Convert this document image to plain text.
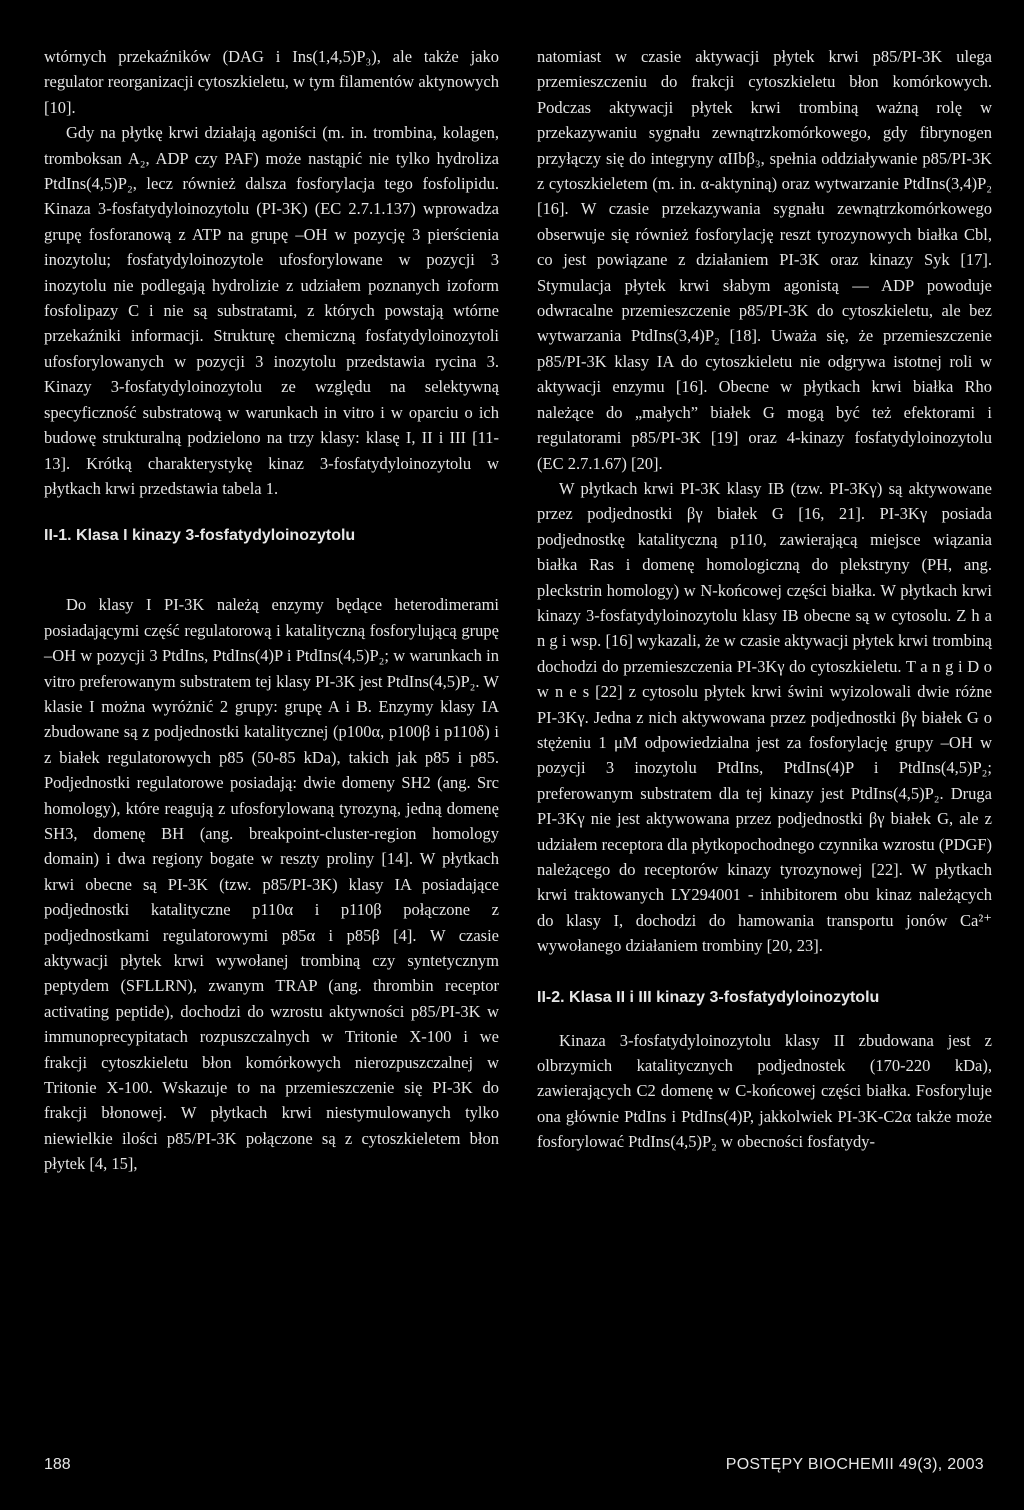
wtórnych przekaźników (DAG i Ins(1,4,5)P₃), ale także jako regulator reorganizacji cytoszkieletu, w tym filamentów aktynowych [10].

Gdy na płytkę krwi działają agoniści (m. in. trombina, kolagen, tromboksan A₂, ADP czy PAF) może nastąpić nie tylko hydroliza PtdIns(4,5)P₂, lecz również dalsza fosforylacja tego fosfolipidu. Kinaza 3-fosfatydyloinozytolu (PI-3K) (EC 2.7.1.137) wprowadza grupę fosforanową z ATP na grupę –OH w pozycję 3 pierścienia inozytolu; fosfatydyloinozytole ufosforylowane w pozycji 3 inozytolu nie podlegają hydrolizie z udziałem poznanych izoform fosfolipazy C i nie są substratami, z których powstają wtórne przekaźniki informacji. Strukturę chemiczną fosfatydyloinozytoli ufosforylowanych w pozycji 3 inozytolu przedstawia rycina 3. Kinazy 3-fosfatydyloinozytolu ze względu na selektywną specyficzność substratową w warunkach in vitro i w oparciu o ich budowę strukturalną podzielono na trzy klasy: klasę I, II i III [11-13]. Krótką charakterystykę kinaz 3-fosfatydyloinozytolu w płytkach krwi przedstawia tabela 1.

II-1. Klasa I kinazy 3-fosfatydyloinozytolu

Do klasy I PI-3K należą enzymy będące heterodimerami posiadającymi część regulatorową i katalityczną fosforylującą grupę –OH w pozycji 3 PtdIns, PtdIns(4)P i PtdIns(4,5)P₂; w warunkach in vitro preferowanym substratem tej klasy PI-3K jest PtdIns(4,5)P₂. W klasie I można wyróżnić 2 grupy: grupę A i B. Enzymy klasy IA zbudowane są z podjednostki katalitycznej (p100α, p100β i p110δ) i z białek regulatorowych p85 (50-85 kDa), takich jak p85 i p85. Podjednostki regulatorowe posiadają: dwie domeny SH2 (ang. Src homology), które reagują z ufosforylowaną tyrozyną, jedną domenę SH3, domenę BH (ang. breakpoint-cluster-region homology domain) i dwa regiony bogate w reszty proliny [14]. W płytkach krwi obecne są PI-3K (tzw. p85/PI-3K) klasy IA posiadające podjednostki katalityczne p110α i p110β połączone z podjednostkami regulatorowymi p85α i p85β [4]. W czasie aktywacji płytek krwi wywołanej trombiną czy syntetycznym peptydem (SFLLRN), zwanym TRAP (ang. thrombin receptor activating peptide), dochodzi do wzrostu aktywności p85/PI-3K w immunoprecypitatach rozpuszczalnych w Tritonie X-100 i we frakcji cytoszkieletu błon komórkowych nierozpuszczalnej w Tritonie X-100. Wskazuje to na przemieszczenie się PI-3K do frakcji błonowej. W płytkach krwi niestymulowanych tylko niewielkie ilości p85/PI-3K połączone są z cytoszkieletem błon płytek [4, 15],

natomiast w czasie aktywacji płytek krwi p85/PI-3K ulega przemieszczeniu do frakcji cytoszkieletu błon komórkowych. Podczas aktywacji płytek krwi trombiną ważną rolę w przekazywaniu sygnału zewnątrzkomórkowego, gdy fibrynogen przyłączy się do integryny αIIbβ₃, spełnia oddziaływanie p85/PI-3K z cytoszkieletem (m. in. α-aktyniną) oraz wytwarzanie PtdIns(3,4)P₂ [16]. W czasie przekazywania sygnału zewnątrzkomórkowego obserwuje się również fosforylację reszt tyrozynowych białka Cbl, co jest powiązane z działaniem PI-3K oraz kinazy Syk [17]. Stymulacja płytek krwi słabym agonistą — ADP powoduje odwracalne przemieszczenie p85/PI-3K do cytoszkieletu, ale bez wytwarzania PtdIns(3,4)P₂ [18]. Uważa się, że przemieszczenie p85/PI-3K klasy IA do cytoszkieletu nie odgrywa istotnej roli w aktywacji enzymu [16]. Obecne w płytkach krwi białka Rho należące do „małych” białek G mogą być też efektorami i regulatorami p85/PI-3K [19] oraz 4-kinazy fosfatydyloinozytolu (EC 2.7.1.67) [20].

W płytkach krwi PI-3K klasy IB (tzw. PI-3Kγ) są aktywowane przez podjednostki βγ białek G [16, 21]. PI-3Kγ posiada podjednostkę katalityczną p110, zawierającą miejsce wiązania białka Ras i domenę homologiczną do plekstryny (PH, ang. pleckstrin homology) w N-końcowej części białka. W płytkach krwi kinazy 3-fosfatydyloinozytolu klasy IB obecne są w cytosolu. Z h a n g i wsp. [16] wykazali, że w czasie aktywacji płytek krwi trombiną dochodzi do przemieszczenia PI-3Kγ do cytoszkieletu. T a n g i D o w n e s [22] z cytosolu płytek krwi świni wyizolowali dwie różne PI-3Kγ. Jedna z nich aktywowana przez podjednostki βγ białek G o stężeniu 1 μM odpowiedzialna jest za fosforylację grupy –OH w pozycji 3 inozytolu PtdIns, PtdIns(4)P i PtdIns(4,5)P₂; preferowanym substratem dla tej kinazy jest PtdIns(4,5)P₂. Druga PI-3Kγ nie jest aktywowana przez podjednostki βγ białek G, ale z udziałem receptora dla płytkopochodnego czynnika wzrostu (PDGF) należącego do receptorów kinazy tyrozynowej [22]. W płytkach krwi traktowanych LY294001 - inhibitorem obu kinaz należących do klasy I, dochodzi do hamowania transportu jonów Ca²⁺ wywołanego działaniem trombiny [20, 23].

II-2. Klasa II i III kinazy 3-fosfatydyloinozytolu

Kinaza 3-fosfatydyloinozytolu klasy II zbudowana jest z olbrzymich katalitycznych podjednostek (170-220 kDa), zawierających C2 domenę w C-końcowej części białka. Fosforyluje ona głównie PtdIns i PtdIns(4)P, jakkolwiek PI-3K-C2α także może fosforylować PtdIns(4,5)P₂ w obecności fosfatydy-

188	POSTĘPY BIOCHEMII 49(3), 2003
